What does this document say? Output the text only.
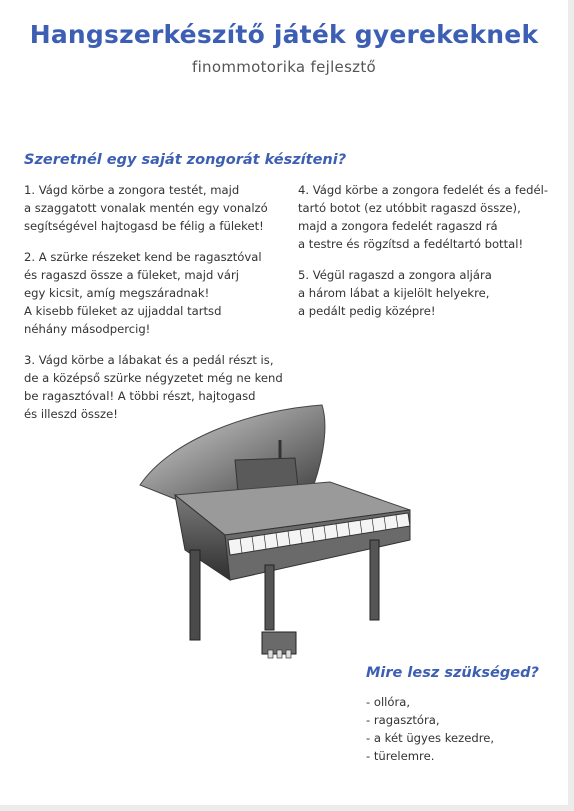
Hangszerkészítő játék gyerekeknek
finommotorika fejlesztő
Szeretnél egy saját zongorát készíteni?
1. Vágd körbe a zongora testét, majd
a szaggatott vonalak mentén egy vonalzó
segítségével hajtogasd be félig a füleket!
2. A szürke részeket kend be ragasztóval
és ragaszd össze a füleket, majd várj
egy kicsit, amíg megszáradnak!
A kisebb füleket az ujjaddal tartsd
néhány másodpercig!
3. Vágd körbe a lábakat és a pedál részt is,
de a középső szürke négyzetet még ne kend
be ragasztóval! A többi részt, hajtogasd
és illeszd össze!
4. Vágd körbe a zongora fedelét és a fedél-
tartó botot (ez utóbbit ragaszd össze),
majd a zongora fedelét ragaszd rá
a testre és rögzítsd a fedéltartó bottal!
5. Végül ragaszd a zongora aljára
a három lábat a kijelölt helyekre,
a pedált pedig középre!
Mire lesz szükséged?
- ollóra,
- ragasztóra,
- a két ügyes kezedre,
- türelemre.
